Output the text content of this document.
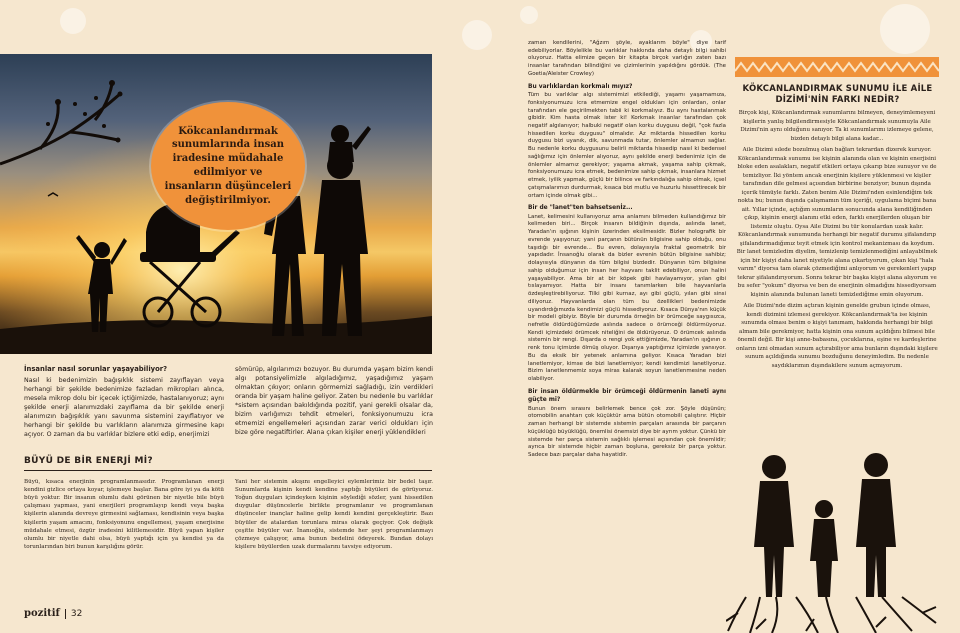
Kökcanlandırmak
sunumlarında insan
iradesine müdahale
edilmiyor ve
insanların düşünceleri
değiştirilmiyor.
İnsanlar nasıl sorunlar yaşayabiliyor?

Nasıl ki bedenimizin bağışıklık sistemi zayıflayan veya herhangi bir şekilde bedenimize fazladan mikropları alınca, mesela mikrop dolu bir içecek içtiğimizde, hastalanıyoruz; aynı şekilde enerji alanımızdaki zayıflama da bir şekilde enerji alanımızın bağışıklık yanı savunma sistemini zayıflatıyor ve herhangi bir şekilde bu varlıkların alanımıza girmesine kapı açıyor. O zaman da bu varlıklar bizlere etki edip, enerjimizi

sömürüp, algılarımızı bozuyor. Bu durumda yaşam bizim kendi algı potansiyelimizle algıladığımız, yaşadığımız yaşam olmaktan çıkıyor; onların görmemizi sağladığı, izin verdikleri oranda bir yaşam haline geliyor. Zaten bu nedenle bu varlıklar *sistem açısından bakıldığında pozitif, yani gerekli olsalar da, bizim varlığımızı tehdit etmeleri, fonksiyonumuzu icra etmemizi engellemeleri açısından zarar verici oldukları için bize göre negatiftirler. Alana çıkan kişiler enerji yüklendikleri

BÜYÜ DE BİR ENERJİ Mİ?

Büyü, kısaca enerjinin programlanmasıdır. Programlanan enerji kendini gizlice ortaya koyar, işlemeye başlar. Bana göre iyi ya da kötü büyü yoktur. Bir insanın olumlu dahi görünen bir niyetle bile büyü çalışması yapması, yani enerjileri programlayıp kendi veya başka kişilerin alanında devreye girmesini sağlaması, kendisinin veya başka kişilerin yaşam amacını, fonksiyonunu engellemesi, yaşam enerjisine müdahale etmesi, özgür iradesini kilitlemesidir. Büyü yapan kişiler olumlu bir niyetle dahi olsa, büyü yaptığı için ya kendisi ya da torunlarından biri bunun karşılığını görür.

Yani her sistemin akışını engelleyici eylemlerimiz bir bedel taşır. Sunumlarda kişinin kendi kendine yaptığı büyüleri de görüyoruz. Yoğun duyguları içindeyken kişinin söylediği sözler, yani hissedilen duygular düşüncelerle birlikte programlanır ve programlanan düşünceler inançlar haline gelip kendi kendini gerçekleştirir. Bazı büyüler de atalardan torunlara miras olarak geçiyor. Çok değişik çeşitte büyüler var. İnanıoğlu, sistemde her şeyi programlanmayı çözmeye çalışıyor, ama bunun bedelini ödeyerek. Bundan dolayı kişilere büyülerden uzak durmalarını tavsiye ediyorum.

zaman kendilerini, "Ağzım şöyle, ayaklarım böyle" diye tarif edebiliyorlar. Böylelikle bu varlıklar hakkında daha detaylı bilgi sahibi oluyoruz. Hatta elimize geçen bir kitapta birçok varlığın zaten bazı insanlar tarafından bilindiğini ve çizimlerinin yapıldığını gördük. (The Goetia/Aleister Crowley)

Bu varlıklardan korkmalı mıyız?

Tüm bu varlıklar algı sistemimizi etkilediği, yaşamı yaşamamıza, fonksiyonumuzu icra etmemize engel oldukları için onlardan, onlar tarafından ele geçirilmekten tabii ki korkmalıyız. Bu aynı hastalanmak gibidir. Kim hasta olmak ister ki! Korkmak insanlar tarafından çok negatif algılanıyor; halbuki negatif olan korku duygusu değil, "çok fazla hissedilen korku duygusu" olmalıdır. Az miktarda hissedilen korku duygusu bizi uyanık, dik, savunmada tutar, önlemler almamızı sağlar. Bu nedenle korku duygusunu belirli miktarda hissedip nasıl ki bedensel sağlığımız için önlemler alıyoruz, aynı şekilde enerji bedenimiz için de önlemler almamız gerekiyor; yaşama akmak, yaşama sahip çıkmak, fonksiyonumuzu icra etmek, bedenimize sahip çıkmak, insanlara hizmet etmek, iyilik yapmak, güçlü bir bilince ve farkındalığa sahip olmak, içsel çatışmalarımızı durdurmak, kısaca bizi mutlu ve huzurlu hissettirecek bir ortam içinde olmak gibi...

Bir de "lanet"ten bahsetsenİz...

Lanet, kelimesini kullanıyoruz ama anlamını bilmeden kullandığımız bir kelimeden biri... Birçok insanın bildiğinin dışında, aslında lanet, Yaradan'ın ışığının kişinin üzerinden eksilmesidir. Bizler holografik bir evrende yaşıyoruz; yani parçanın bütünün bilgisine sahip olduğu, onu taşıdığı bir evrende... Bu evren, dolayısıyla fraktal geometrik bir yapıdadır. İnsanoğlu olarak da bizler evrenin bütün bilgisine sahibiz; dolayısıyla dünyanın da tüm bilgisi bizdedir. Dünyanın tüm bilgisine sahip olduğumuz için insan her hayvanı taklit edebiliyor, onun halini yaşayabiliyor. Ama bir at bir köpek gibi havlayamıyor, yılan gibi tıslayamıyor. Hatta bir insanı tanımlarken bile hayvanlarla özdeşleştirebiliyoruz. Tilki gibi kurnaz, ayı gibi güçlü, yılan gibi sinsi diliyoruz. Hayvanlarda olan tüm bu özellikleri bedenimizde uyandırdığımızda kendimizi güçlü hissediyoruz. Kısaca Dünya'nın küçük bir modeli gibiyiz. Böyle bir durumda örneğin bir örümceğe saygısızca, nefretle öldürdüğümüzde aslında sadece o örümceği öldürmüyoruz. Kendi içimizdeki örümcek niteliğini de öldürüyoruz. O örümcek aslında sistemin bir rengi. Dışarda o rengi yok ettiğimizde, Yaradan'ın ışığının o renk tonu içimizde ölmüş oluyor. Dışarıya yaptığımız içimizde yansıyor. Bu da eksik bir yetenek anlamına geliyor. Kısaca Yaradan bizi lanetlemiyor, kimse de bizi lanetlemiyor; kendi kendimizi lanetliyoruz. Bizim lanetlenmemiz soya miras kalarak soyun lanetlenmesine neden olabiliyor.

Bir insan öldürmekle bir örümceği öldürmenin laneti aynı güçte mi?

Bunun önem sırasını belirlemek bence çok zor. Şöyle düşünün; otomobilin anahtarı çok küçüktür ama bütün otomobili çalıştırır. Hiçbir zaman herhangi bir sistemde sistemin parçaları arasında bir parçanın küçüklüğü büyüklüğü, önemlisi önemsizi diye bir ayrım yoktur. Çünkü bir sistemde her parça sistemin sağlıklı işlemesi açısından çok önemlidir; ayrıca bir sistemde hiçbir zaman boşluna, gereksiz bir parça yoktur. Sadece bazı parçalar daha hayatidir.

KÖKCANLANDIRMAK SUNUMU İLE AİLE DİZİMİ'NİN FARKI NEDİR?

Birçok kişi, Kökcanlandırmak sunumlarını bilmeyen, deneyimlemeyeni kişilerin yanlış bilgilendirmesiyle Kökcanlandırmak sunumuyla Aile Dizimi'nin aynı olduğunu sanıyor. Ta ki sunumlarımı izlemeye gelene, bizden detaylı bilgi alana kadar...

Aile Dizimi sılede bozulmuş olan bağları tekrardan dizerek kuruyor. Kökcanlandırmak sunumu ise kişinin alanında olan ve kişinin enerjisini bloke eden asalakları, negatif etkileri ortaya çıkarıp bize sunuyor ve de temizliyor. İki yöntem ancak enerjinin kişilere yüklenmesi ve kişiler tarafından dile gelmesi açısından birbirine benziyor; bunun dışında içerik tümüyle farklı. Zaten benim Aile Dizimi'nden esinlendiğim tek nokta bu; bunun dışında çalışmamın tüm içeriği, uygulama biçimi bana ait. Yıllar içinde, açtığım sunumların sonucunda alana kendiliğinden çıkıp, kişinin enerji alanını etki eden, farklı enerjilerden oluşan bir listemiz oluştu. Oysa Aile Dizimi bu tür konulardan uzak kalır. Kökcanlandırmak sunumunda herhangi bir negatif durumu şifalandırıp şifalandırmadığımız teyit etmek için kontrol mekanizması da koydum. Bir lanet temizledim diyelim, temizlenip temizlenmediğini anlayabilmek için bir kişiyi daha lanet niyetiyle alana çıkartıyorum, çıkan kişi "hala varım" diyorsa tam olarak çözmediğimi anlıyorum ve gerekenleri yapıp tekrar şifalandırıyorum. Sonra tekrar bir başka kişiyi alana alıyorum ve bu sefer "yokum" diyorsa ve ben de enerjinin olmadığını hissediyorsam kişinin alanında bulunan laneti temizlediğime emin oluyorum.

Aile Dizimi'nde dizim açtıran kişinin genelde grubun içinde olması, kendi dizimini izlemesi gerekiyor. Kökcanlandırmak'ta ise kişinin sunumda olması benim o kişiyi tanımam, hakkında herhangi bir bilgi almam bile gerekmiyor, hatta kişinin ona sunum açıldığını bilmesi bile önemli değil. Bir kişi anne-babasına, çocuklarına, eşine ve kardeşlerine onların izni olmadan sunum açtırabiliyor ama bunların dışındaki kişilere sunum açıldığında sunumu bozduğunu deneyimledim. Bu nedenle saydıklarımın dışındakilere sunum açmıyorum.

pozitif 32
